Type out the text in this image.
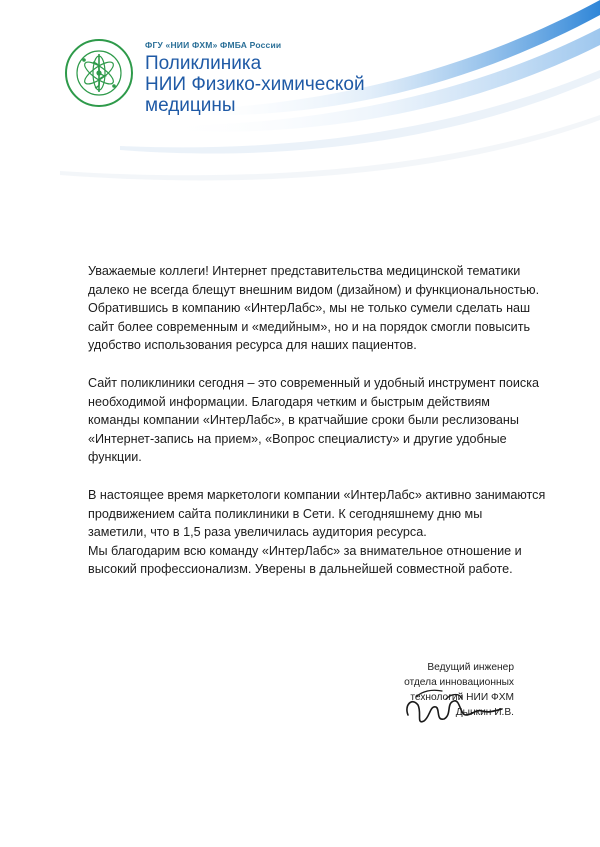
ФГУ «НИИ ФХМ» ФМБА России
Поликлиника
НИИ Физико-химической
медицины

Уважаемые коллеги! Интернет представительства медицинской тематики
далеко не всегда блещут внешним видом (дизайном) и функциональностью.
Обратившись в компанию «ИнтерЛабс», мы не только сумели сделать наш
сайт более современным и «медийным», но и на порядок смогли повысить
удобство использования ресурса для наших пациентов.

Сайт поликлиники сегодня – это современный и удобный инструмент поиска
необходимой информации. Благодаря четким и быстрым действиям
команды компании «ИнтерЛабс», в кратчайшие сроки были реслизованы
«Интернет-запись на прием», «Вопрос специалисту» и другие удобные
функции.

В настоящее время маркетологи компании «ИнтерЛабс» активно занимаются
продвижением сайта поликлиники в Сети. К сегодняшнему дню мы
заметили, что в 1,5 раза увеличилась аудитория ресурса.
Мы благодарим всю команду «ИнтерЛабс» за внимательное отношение и
высокий профессионализм. Уверены в дальнейшей совместной работе.

Ведущий инженер
отдела инновационных
технологий НИИ ФХМ
Дынкин И.В.
